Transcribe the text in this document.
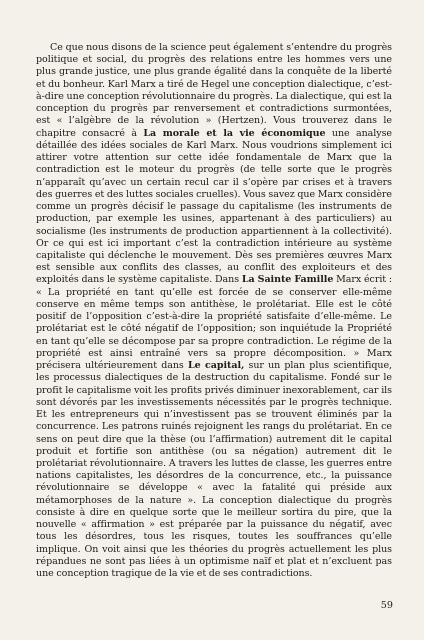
Ce que nous disons de la science peut également s’entendre du progrès politique et social, du progrès des relations entre les hommes vers une plus grande justice, une plus grande égalité dans la conquête de la liberté et du bonheur. Karl Marx a tiré de Hegel une conception dialectique, c’est-à-dire une conception révolutionnaire du progrès. La dialectique, qui est la conception du progrès par renversement et contradictions surmontées, est « l’algèbre de la révolution » (Hertzen). Vous trouverez dans le chapitre consacré à La morale et la vie économique une analyse détaillée des idées sociales de Karl Marx. Nous voudrions simplement ici attirer votre attention sur cette idée fondamentale de Marx que la contradiction est le moteur du progrès (de telle sorte que le progrès n’apparaît qu’avec un certain recul car il s’opère par crises et à travers des guerres et des luttes sociales cruelles). Vous savez que Marx considère comme un progrès décisif le passage du capitalisme (les instruments de production, par exemple les usines, appartenant à des particuliers) au socialisme (les instruments de production appartiennent à la collectivité). Or ce qui est ici important c’est la contradiction intérieure au système capitaliste qui déclenche le mouvement. Dès ses premières œuvres Marx est sensible aux conflits des classes, au conflit des exploiteurs et des exploités dans le système capitaliste. Dans La Sainte Famille Marx écrit : « La propriété en tant qu’elle est forcée de se conserver elle-même conserve en même temps son antithèse, le prolétariat. Elle est le côté positif de l’opposition c’est-à-dire la propriété satisfaite d’elle-même. Le prolétariat est le côté négatif de l’opposition; son inquiétude la Propriété en tant qu’elle se décompose par sa propre contradiction. Le régime de la propriété est ainsi entraîné vers sa propre décomposition. » Marx précisera ultérieurement dans Le capital, sur un plan plus scientifique, les processus dialectiques de la destruction du capitalisme. Fondé sur le profit le capitalisme voit les profits privés diminuer inexorablement, car ils sont dévorés par les investissements nécessités par le progrès technique. Et les entrepreneurs qui n’investissent pas se trouvent éliminés par la concurrence. Les patrons ruinés rejoignent les rangs du prolétariat. En ce sens on peut dire que la thèse (ou l’affirmation) autrement dit le capital produit et fortifie son antithèse (ou sa négation) autrement dit le prolétariat révolutionnaire. A travers les luttes de classe, les guerres entre nations capitalistes, les désordres de la concurrence, etc., la puissance révolutionnaire se développe « avec la fatalité qui préside aux métamorphoses de la nature ». La conception dialectique du progrès consiste à dire en quelque sorte que le meilleur sortira du pire, que la nouvelle « affirmation » est préparée par la puissance du négatif, avec tous les désordres, tous les risques, toutes les souffrances qu’elle implique. On voit ainsi que les théories du progrès actuellement les plus répandues ne sont pas liées à un optimisme naïf et plat et n’excluent pas une conception tragique de la vie et de ses contradictions.

59
